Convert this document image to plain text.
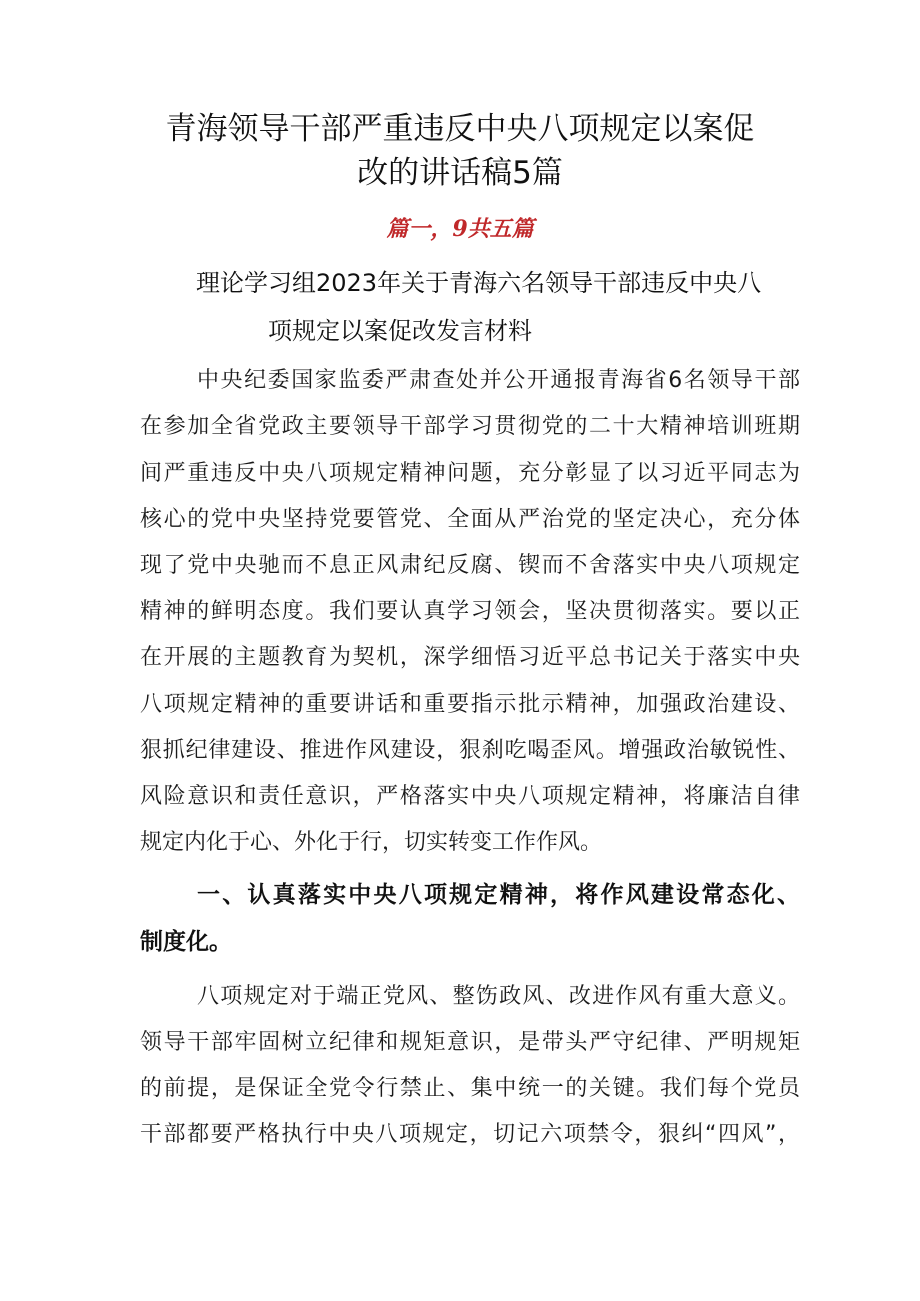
青海领导干部严重违反中央八项规定以案促
改的讲话稿5篇
篇一，9共五篇
理论学习组2023年关于青海六名领导干部违反中央八
项规定以案促改发言材料
中央纪委国家监委严肃查处并公开通报青海省6名领导干部
在参加全省党政主要领导干部学习贯彻党的二十大精神培训班期
间严重违反中央八项规定精神问题，充分彰显了以习近平同志为
核心的党中央坚持党要管党、全面从严治党的坚定决心，充分体
现了党中央驰而不息正风肃纪反腐、锲而不舍落实中央八项规定
精神的鲜明态度。我们要认真学习领会，坚决贯彻落实。要以正
在开展的主题教育为契机，深学细悟习近平总书记关于落实中央
八项规定精神的重要讲话和重要指示批示精神，加强政治建设、
狠抓纪律建设、推进作风建设，狠刹吃喝歪风。增强政治敏锐性、
风险意识和责任意识，严格落实中央八项规定精神，将廉洁自律
规定内化于心、外化于行，切实转变工作作风。
一、认真落实中央八项规定精神，将作风建设常态化、
制度化。
八项规定对于端正党风、整饬政风、改进作风有重大意义。
领导干部牢固树立纪律和规矩意识，是带头严守纪律、严明规矩
的前提，是保证全党令行禁止、集中统一的关键。我们每个党员
干部都要严格执行中央八项规定，切记六项禁令，狠纠“四风”，
